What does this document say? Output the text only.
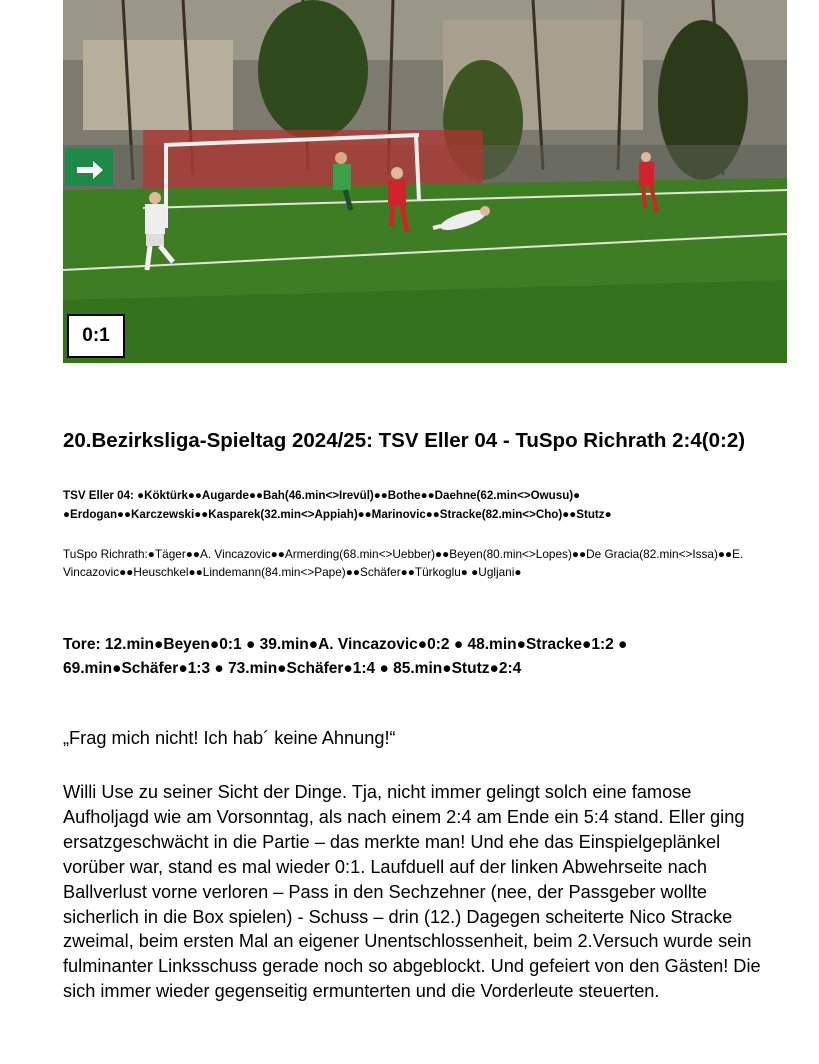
0:1
20.Bezirksliga-Spieltag 2024/25: TSV Eller 04 - TuSpo Richrath 2:4(0:2)
TSV Eller 04: ●Köktürk●●Augarde●●Bah(46.min<>Irevül)●●Bothe●●Daehne(62.min<>Owusu)● ●Erdogan●●Karczewski●●Kasparek(32.min<>Appiah)●●Marinovic●●Stracke(82.min<>Cho)●●Stutz●
TuSpo Richrath:●Täger●●A. Vincazovic●●Armerding(68.min<>Uebber)●●Beyen(80.min<>Lopes)●●De Gracia(82.min<>Issa)●●E. Vincazovic●●Heuschkel●●Lindemann(84.min<>Pape)●●Schäfer●●Türkoglu● ●Ugljani●
Tore: 12.min●Beyen●0:1 ● 39.min●A. Vincazovic●0:2 ● 48.min●Stracke●1:2 ● 69.min●Schäfer●1:3 ● 73.min●Schäfer●1:4 ● 85.min●Stutz●2:4
„Frag mich nicht! Ich hab´ keine Ahnung!“
Willi Use zu seiner Sicht der Dinge. Tja, nicht immer gelingt solch eine famose Aufholjagd wie am Vorsonntag, als nach einem 2:4 am Ende ein 5:4 stand. Eller ging ersatzgeschwächt in die Partie – das merkte man! Und ehe das Einspielgeplänkel vorüber war, stand es mal wieder 0:1. Laufduell auf der linken Abwehrseite nach Ballverlust vorne verloren – Pass in den Sechzehner (nee, der Passgeber wollte sicherlich in die Box spielen) - Schuss – drin (12.) Dagegen scheiterte Nico Stracke zweimal, beim ersten Mal an eigener Unentschlossenheit, beim 2.Versuch wurde sein fulminanter Linksschuss gerade noch so abgeblockt. Und gefeiert von den Gästen! Die sich immer wieder gegenseitig ermunterten und die Vorderleute steuerten.
